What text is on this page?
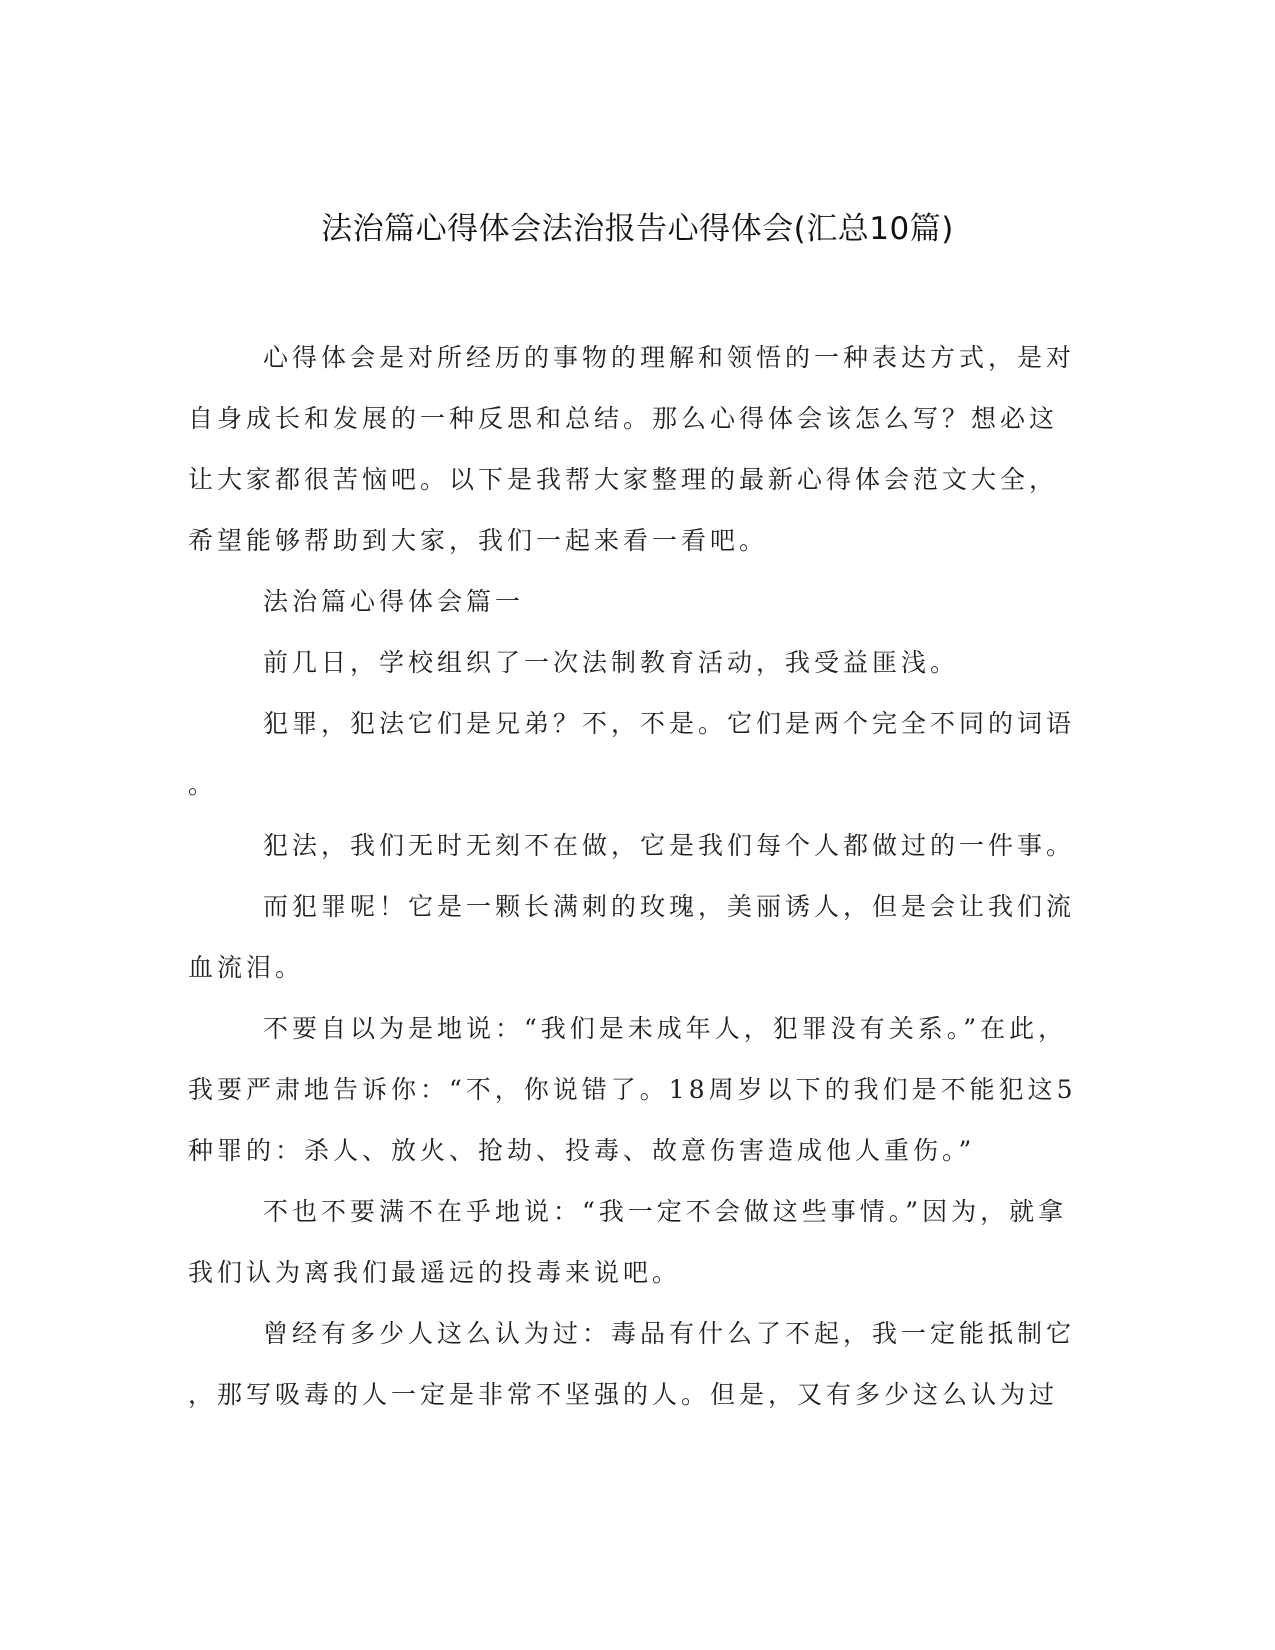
法治篇心得体会法治报告心得体会(汇总10篇)
心得体会是对所经历的事物的理解和领悟的一种表达方式，是对
自身成长和发展的一种反思和总结。那么心得体会该怎么写？想必这
让大家都很苦恼吧。以下是我帮大家整理的最新心得体会范文大全，
希望能够帮助到大家，我们一起来看一看吧。
法治篇心得体会篇一
前几日，学校组织了一次法制教育活动，我受益匪浅。
犯罪，犯法它们是兄弟？不，不是。它们是两个完全不同的词语
。
犯法，我们无时无刻不在做，它是我们每个人都做过的一件事。
而犯罪呢！它是一颗长满刺的玫瑰，美丽诱人，但是会让我们流
血流泪。
不要自以为是地说：“我们是未成年人，犯罪没有关系。”在此，
我要严肃地告诉你：“不，你说错了。18周岁以下的我们是不能犯这5
种罪的：杀人、放火、抢劫、投毒、故意伤害造成他人重伤。”
不也不要满不在乎地说：“我一定不会做这些事情。”因为，就拿
我们认为离我们最遥远的投毒来说吧。
曾经有多少人这么认为过：毒品有什么了不起，我一定能抵制它
，那写吸毒的人一定是非常不坚强的人。但是，又有多少这么认为过
